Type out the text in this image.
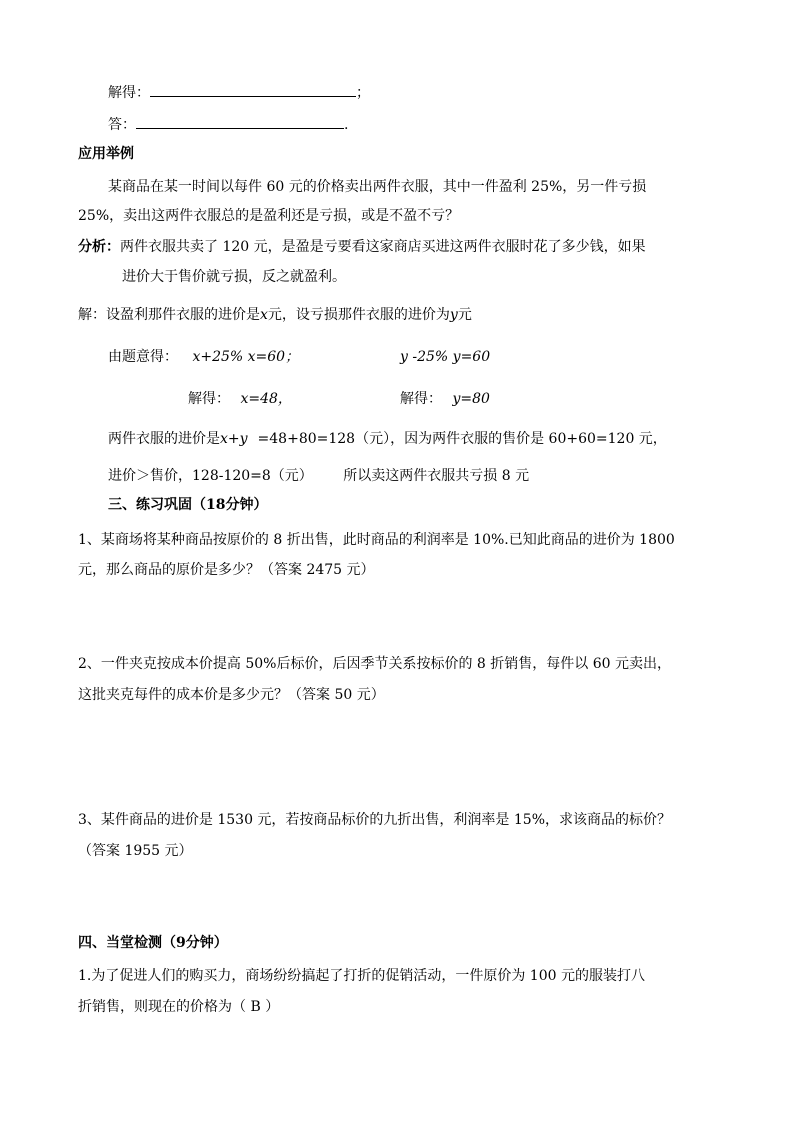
解得：	；
答：	.
应用举例
某商品在某一时间以每件 60 元的价格卖出两件衣服，其中一件盈利 25%，另一件亏损
25%，卖出这两件衣服总的是盈利还是亏损，或是不盈不亏？
分析：两件衣服共卖了 120 元，是盈是亏要看这家商店买进这两件衣服时花了多少钱，如果
进价大于售价就亏损，反之就盈利。
解：设盈利那件衣服的进价是x元，设亏损那件衣服的进价为y元
由题意得： x+25% x=60；	y -25% y=60
解得： x=48，	解得： y=80
两件衣服的进价是x+y =48+80=128（元），因为两件衣服的售价是 60+60=120 元，
进价＞售价，128-120=8（元） 所以卖这两件衣服共亏损 8 元
三、练习巩固（18分钟）
1、某商场将某种商品按原价的 8 折出售，此时商品的利润率是 10%.已知此商品的进价为 1800
元，那么商品的原价是多少？（答案 2475 元）
2、一件夹克按成本价提高 50%后标价，后因季节关系按标价的 8 折销售，每件以 60 元卖出，
这批夹克每件的成本价是多少元？（答案 50 元）
3、某件商品的进价是 1530 元，若按商品标价的九折出售，利润率是 15%，求该商品的标价？
（答案 1955 元）
四、当堂检测（9分钟）
1.为了促进人们的购买力，商场纷纷搞起了打折的促销活动，一件原价为 100 元的服装打八
折销售，则现在的价格为（ B ）
